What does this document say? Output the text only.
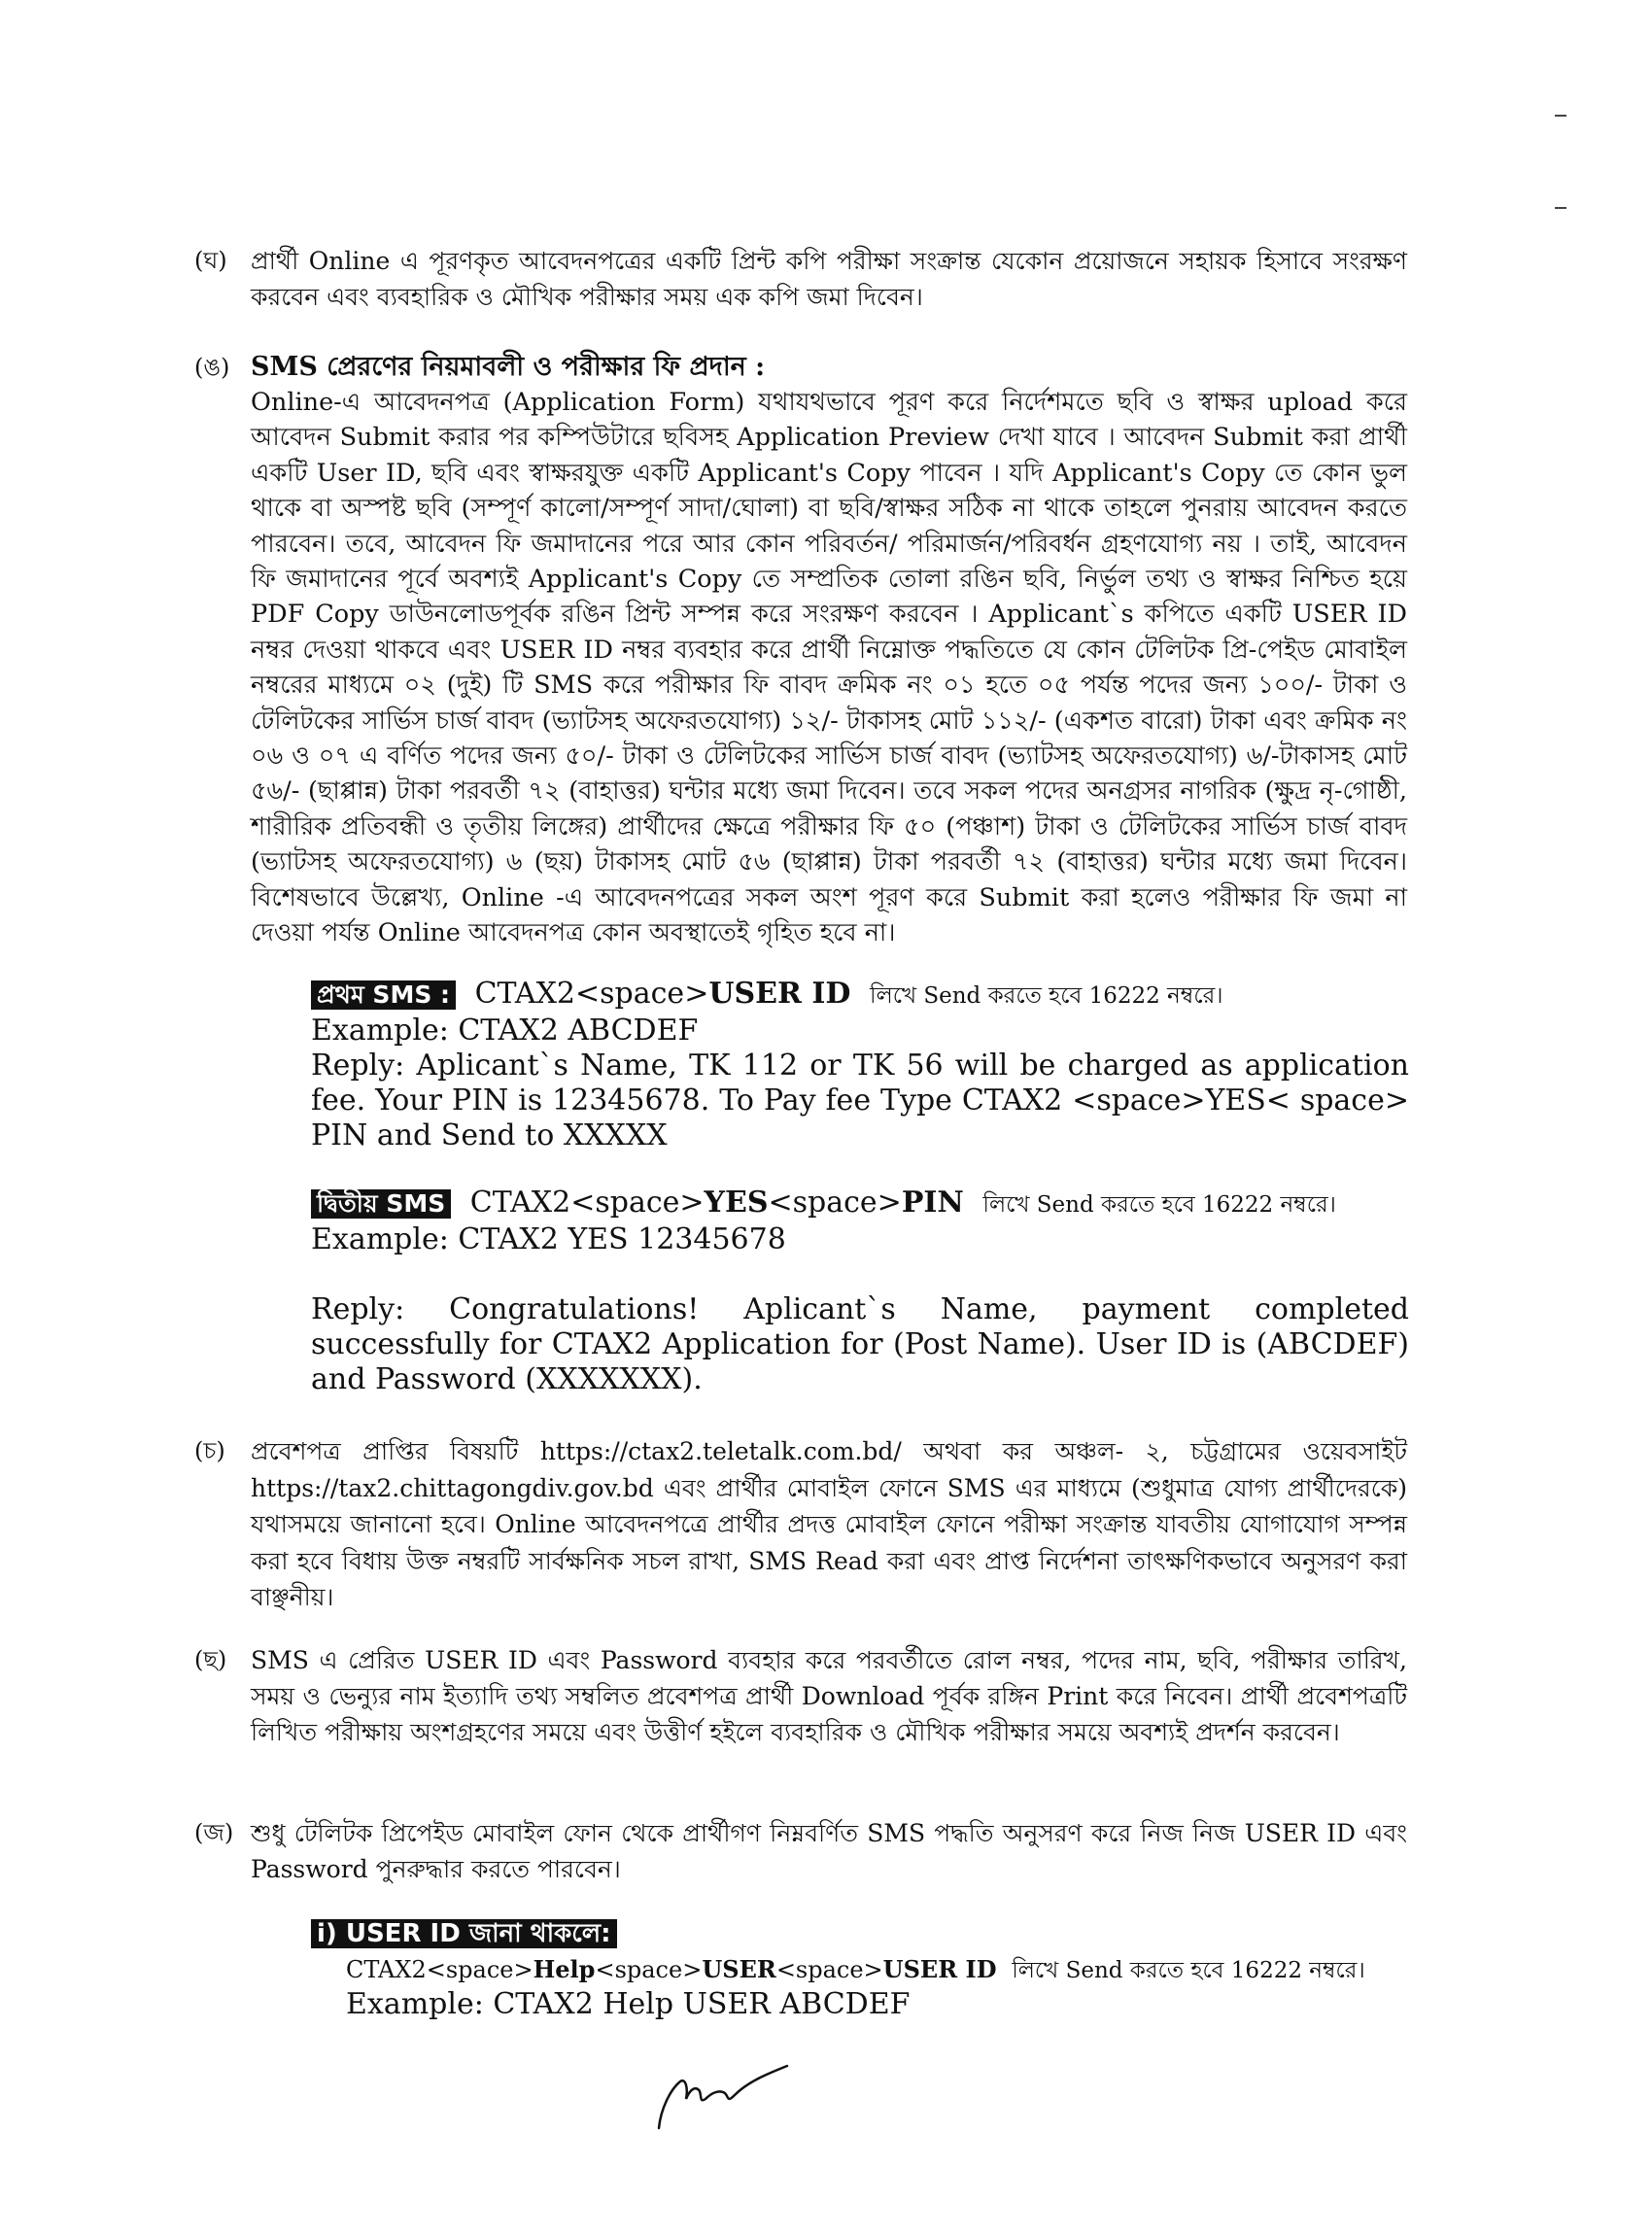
(ঘ) প্রার্থী Online এ পূরণকৃত আবেদনপত্রের একটি প্রিন্ট কপি পরীক্ষা সংক্রান্ত যেকোন প্রয়োজনে সহায়ক হিসাবে সংরক্ষণ করবেন এবং ব্যবহারিক ও মৌখিক পরীক্ষার সময় এক কপি জমা দিবেন।
(ঙ) SMS প্রেরণের নিয়মাবলী ও পরীক্ষার ফি প্রদান :
Online-এ আবেদনপত্র (Application Form) যথাযথভাবে পূরণ করে নির্দেশমতে ছবি ও স্বাক্ষর upload করে আবেদন Submit করার পর কম্পিউটারে ছবিসহ Application Preview দেখা যাবে । আবেদন Submit করা প্রার্থী একটি User ID, ছবি এবং স্বাক্ষরযুক্ত একটি Applicant's Copy পাবেন । যদি Applicant's Copy তে কোন ভুল থাকে বা অস্পষ্ট ছবি (সম্পূর্ণ কালো/সম্পূর্ণ সাদা/ঘোলা) বা ছবি/স্বাক্ষর সঠিক না থাকে তাহলে পুনরায় আবেদন করতে পারবেন। তবে, আবেদন ফি জমাদানের পরে আর কোন পরিবর্তন/ পরিমার্জন/পরিবর্ধন গ্রহণযোগ্য নয় । তাই, আবেদন ফি জমাদানের পূর্বে অবশ্যই Applicant's Copy তে সম্প্রতিক তোলা রঙিন ছবি, নির্ভুল তথ্য ও স্বাক্ষর নিশ্চিত হয়ে PDF Copy ডাউনলোডপূর্বক রঙিন প্রিন্ট সম্পন্ন করে সংরক্ষণ করবেন । Applicant`s কপিতে একটি USER ID নম্বর দেওয়া থাকবে এবং USER ID নম্বর ব্যবহার করে প্রার্থী নিম্নোক্ত পদ্ধতিতে যে কোন টেলিটক প্রি-পেইড মোবাইল নম্বরের মাধ্যমে ০২ (দুই) টি SMS করে পরীক্ষার ফি বাবদ ক্রমিক নং ০১ হতে ০৫ পর্যন্ত পদের জন্য ১০০/- টাকা ও টেলিটকের সার্ভিস চার্জ বাবদ (ভ্যাটসহ অফেরতযোগ্য) ১২/- টাকাসহ মোট ১১২/- (একশত বারো) টাকা এবং ক্রমিক নং ০৬ ও ০৭ এ বর্ণিত পদের জন্য ৫০/- টাকা ও টেলিটকের সার্ভিস চার্জ বাবদ (ভ্যাটসহ অফেরতযোগ্য) ৬/-টাকাসহ মোট ৫৬/- (ছাপ্পান্ন) টাকা পরবর্তী ৭২ (বাহাত্তর) ঘন্টার মধ্যে জমা দিবেন। তবে সকল পদের অনগ্রসর নাগরিক (ক্ষুদ্র নৃ-গোষ্ঠী, শারীরিক প্রতিবন্ধী ও তৃতীয় লিঙ্গের) প্রার্থীদের ক্ষেত্রে পরীক্ষার ফি ৫০ (পঞ্চাশ) টাকা ও টেলিটকের সার্ভিস চার্জ বাবদ (ভ্যাটসহ অফেরতযোগ্য) ৬ (ছয়) টাকাসহ মোট ৫৬ (ছাপ্পান্ন) টাকা পরবর্তী ৭২ (বাহাত্তর) ঘন্টার মধ্যে জমা দিবেন। বিশেষভাবে উল্লেখ্য, Online -এ আবেদনপত্রের সকল অংশ পূরণ করে Submit করা হলেও পরীক্ষার ফি জমা না দেওয়া পর্যন্ত Online আবেদনপত্র কোন অবস্থাতেই গৃহিত হবে না।
প্রথম SMS : CTAX2<space>USER ID লিখে Send করতে হবে 16222 নম্বরে।
Example: CTAX2 ABCDEF
Reply: Aplicant`s Name, TK 112 or TK 56 will be charged as application fee. Your PIN is 12345678. To Pay fee Type CTAX2 <space>YES< space> PIN and Send to XXXXX
দ্বিতীয় SMS CTAX2<space>YES<space>PIN লিখে Send করতে হবে 16222 নম্বরে।
Example: CTAX2 YES 12345678
Reply: Congratulations! Aplicant`s Name, payment completed successfully for CTAX2 Application for (Post Name). User ID is (ABCDEF) and Password (XXXXXXX).
(চ) প্রবেশপত্র প্রাপ্তির বিষয়টি https://ctax2.teletalk.com.bd/ অথবা কর অঞ্চল- ২, চট্টগ্রামের ওয়েবসাইট https://tax2.chittagongdiv.gov.bd এবং প্রার্থীর মোবাইল ফোনে SMS এর মাধ্যমে (শুধুমাত্র যোগ্য প্রার্থীদেরকে) যথাসময়ে জানানো হবে। Online আবেদনপত্রে প্রার্থীর প্রদত্ত মোবাইল ফোনে পরীক্ষা সংক্রান্ত যাবতীয় যোগাযোগ সম্পন্ন করা হবে বিধায় উক্ত নম্বরটি সার্বক্ষনিক সচল রাখা, SMS Read করা এবং প্রাপ্ত নির্দেশনা তাৎক্ষণিকভাবে অনুসরণ করা বাঞ্ছনীয়।
(ছ) SMS এ প্রেরিত USER ID এবং Password ব্যবহার করে পরবর্তীতে রোল নম্বর, পদের নাম, ছবি, পরীক্ষার তারিখ, সময় ও ভেন্যুর নাম ইত্যাদি তথ্য সম্বলিত প্রবেশপত্র প্রার্থী Download পূর্বক রঙ্গিন Print করে নিবেন। প্রার্থী প্রবেশপত্রটি লিখিত পরীক্ষায় অংশগ্রহণের সময়ে এবং উত্তীর্ণ হইলে ব্যবহারিক ও মৌখিক পরীক্ষার সময়ে অবশ্যই প্রদর্শন করবেন।
(জ) শুধু টেলিটক প্রিপেইড মোবাইল ফোন থেকে প্রার্থীগণ নিম্নবর্ণিত SMS পদ্ধতি অনুসরণ করে নিজ নিজ USER ID এবং Password পুনরুদ্ধার করতে পারবেন।
i) USER ID জানা থাকলে:
CTAX2<space>Help<space>USER<space>USER ID লিখে Send করতে হবে 16222 নম্বরে।
Example: CTAX2 Help USER ABCDEF
